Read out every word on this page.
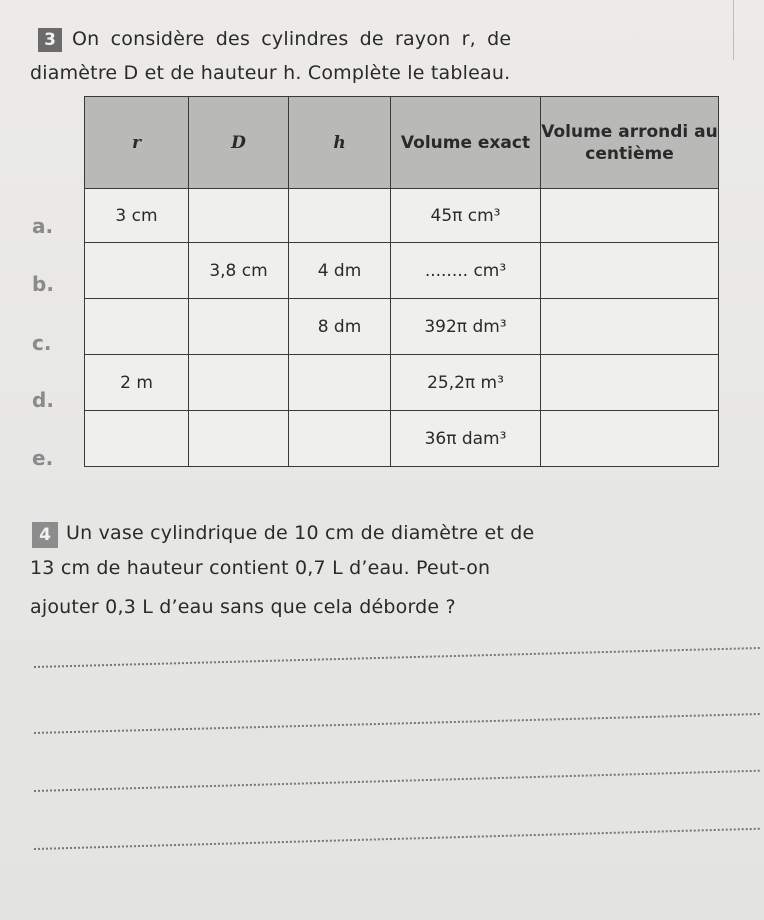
3 On considère des cylindres de rayon r, de
diamètre D et de hauteur h. Complète le tableau.
a.
b.
c.
d.
e.
r	D	h	Volume exact	Volume arrondi au centième
3 cm			45π cm³	
	3,8 cm	4 dm	........ cm³	
		8 dm	392π dm³	
2 m			25,2π m³	
			36π dam³	
4 Un vase cylindrique de 10 cm de diamètre et de
13 cm de hauteur contient 0,7 L d’eau. Peut-on
ajouter 0,3 L d’eau sans que cela déborde ?
